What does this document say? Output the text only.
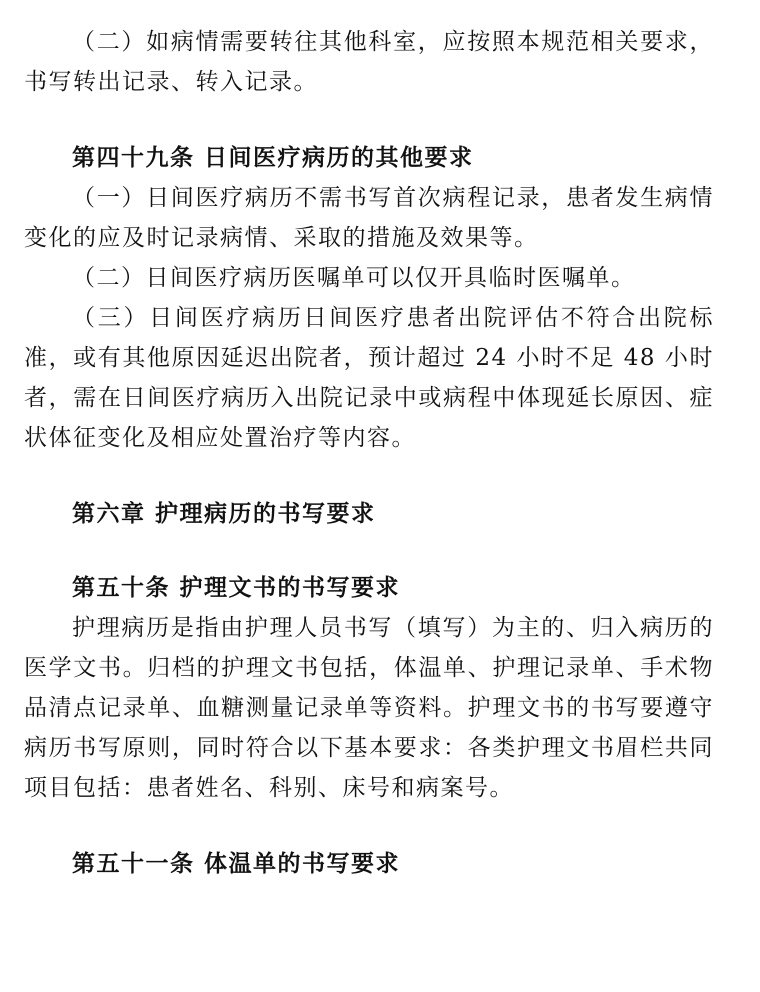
（二）如病情需要转往其他科室，应按照本规范相关要求，书写转出记录、转入记录。

第四十九条 日间医疗病历的其他要求

（一）日间医疗病历不需书写首次病程记录，患者发生病情变化的应及时记录病情、采取的措施及效果等。

（二）日间医疗病历医嘱单可以仅开具临时医嘱单。

（三）日间医疗病历日间医疗患者出院评估不符合出院标准，或有其他原因延迟出院者，预计超过 24 小时不足 48 小时者，需在日间医疗病历入出院记录中或病程中体现延长原因、症状体征变化及相应处置治疗等内容。

第六章 护理病历的书写要求

第五十条 护理文书的书写要求

护理病历是指由护理人员书写（填写）为主的、归入病历的医学文书。归档的护理文书包括，体温单、护理记录单、手术物品清点记录单、血糖测量记录单等资料。护理文书的书写要遵守病历书写原则，同时符合以下基本要求：各类护理文书眉栏共同项目包括：患者姓名、科别、床号和病案号。

第五十一条 体温单的书写要求
